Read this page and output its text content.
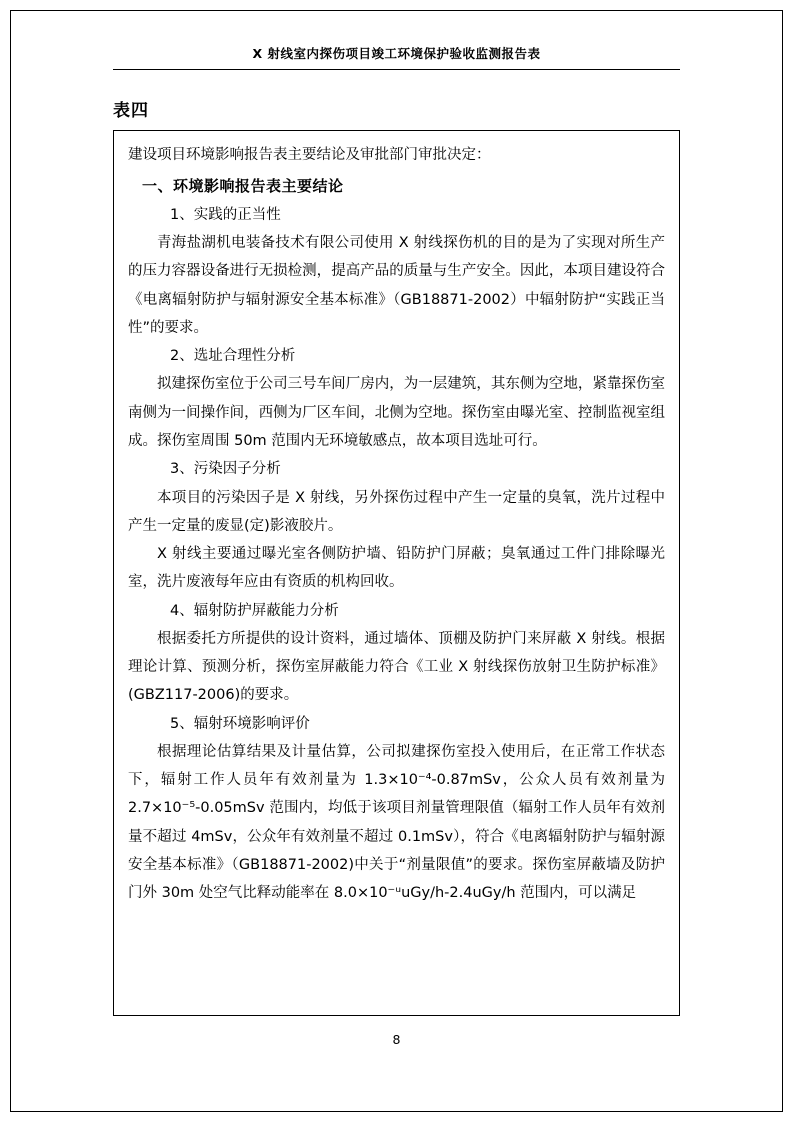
X 射线室内探伤项目竣工环境保护验收监测报告表
表四
建设项目环境影响报告表主要结论及审批部门审批决定：
一、环境影响报告表主要结论
1、实践的正当性

青海盐湖机电装备技术有限公司使用 X 射线探伤机的目的是为了实现对所生产的压力容器设备进行无损检测，提高产品的质量与生产安全。因此，本项目建设符合《电离辐射防护与辐射源安全基本标准》（GB18871-2002）中辐射防护“实践正当性”的要求。

2、选址合理性分析

拟建探伤室位于公司三号车间厂房内，为一层建筑，其东侧为空地，紧靠探伤室南侧为一间操作间，西侧为厂区车间，北侧为空地。探伤室由曝光室、控制监视室组成。探伤室周围 50m 范围内无环境敏感点，故本项目选址可行。

3、污染因子分析

本项目的污染因子是 X 射线，另外探伤过程中产生一定量的臭氧，洗片过程中产生一定量的废显(定)影液胶片。

X 射线主要通过曝光室各侧防护墙、铅防护门屏蔽；臭氧通过工件门排除曝光室，洗片废液每年应由有资质的机构回收。

4、辐射防护屏蔽能力分析

根据委托方所提供的设计资料，通过墙体、顶棚及防护门来屏蔽 X 射线。根据理论计算、预测分析，探伤室屏蔽能力符合《工业 X 射线探伤放射卫生防护标准》(GBZ117-2006)的要求。

5、辐射环境影响评价

根据理论估算结果及计量估算，公司拟建探伤室投入使用后，在正常工作状态下，辐射工作人员年有效剂量为 1.3×10⁻⁴-0.87mSv，公众人员有效剂量为 2.7×10⁻⁵-0.05mSv 范围内，均低于该项目剂量管理限值（辐射工作人员年有效剂量不超过 4mSv，公众年有效剂量不超过 0.1mSv），符合《电离辐射防护与辐射源安全基本标准》（GB18871-2002)中关于“剂量限值”的要求。探伤室屏蔽墙及防护门外 30m 处空气比释动能率在 8.0×10⁻ᵘuGy/h-2.4uGy/h 范围内，可以满足

8
